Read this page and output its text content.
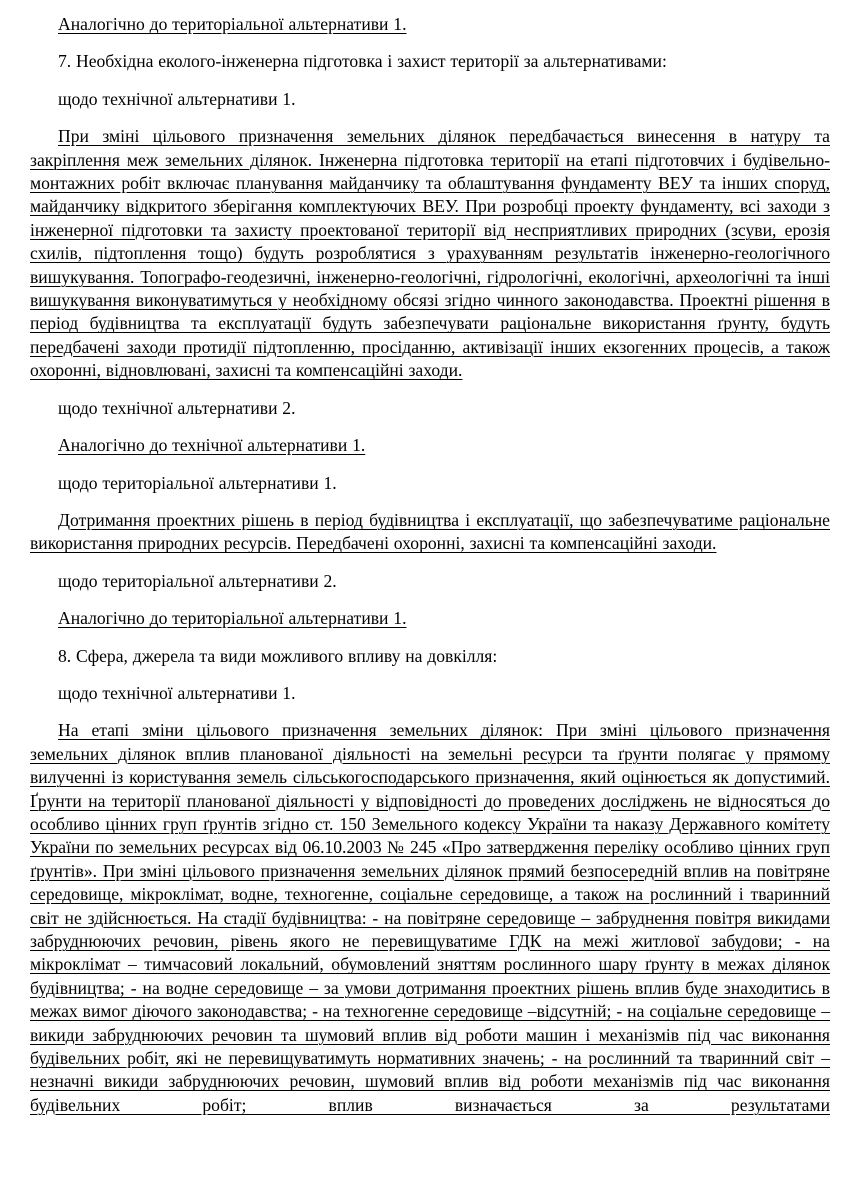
Аналогічно до територіальної альтернативи 1.

7. Необхідна еколого-інженерна підготовка і захист території за альтернативами:

щодо технічної альтернативи 1.

При зміні цільового призначення земельних ділянок передбачається винесення в натуру та закріплення меж земельних ділянок. Інженерна підготовка території на етапі підготовчих і будівельно-монтажних робіт включає планування майданчику та облаштування фундаменту ВЕУ та інших споруд, майданчику відкритого зберігання комплектуючих ВЕУ. При розробці проекту фундаменту, всі заходи з інженерної підготовки та захисту проектованої території від несприятливих природних (зсуви, ерозія схилів, підтоплення тощо) будуть розроблятися з урахуванням результатів інженерно-геологічного вишукування. Топографо-геодезичні, інженерно-геологічні, гідрологічні, екологічні, археологічні та інші вишукування виконуватимуться у необхідному обсязі згідно чинного законодавства. Проектні рішення в період будівництва та експлуатації будуть забезпечувати раціональне використання ґрунту, будуть передбачені заходи протидії підтопленню, просіданню, активізації інших екзогенних процесів, а також охоронні, відновлювані, захисні та компенсаційні заходи.

щодо технічної альтернативи 2.

Аналогічно до технічної альтернативи 1.

щодо територіальної альтернативи 1.

Дотримання проектних рішень в період будівництва і експлуатації, що забезпечуватиме раціональне використання природних ресурсів. Передбачені охоронні, захисні та компенсаційні заходи.

щодо територіальної альтернативи 2.

Аналогічно до територіальної альтернативи 1.

8. Сфера, джерела та види можливого впливу на довкілля:

щодо технічної альтернативи 1.

На етапі зміни цільового призначення земельних ділянок: При зміні цільового призначення земельних ділянок вплив планованої діяльності на земельні ресурси та ґрунти полягає у прямому вилученні із користування земель сільськогосподарського призначення, який оцінюється як допустимий. Ґрунти на території планованої діяльності у відповідності до проведених досліджень не відносяться до особливо цінних груп ґрунтів згідно ст. 150 Земельного кодексу України та наказу Державного комітету України по земельних ресурсах від 06.10.2003 № 245 «Про затвердження переліку особливо цінних груп ґрунтів». При зміні цільового призначення земельних ділянок прямий безпосередній вплив на повітряне середовище, мікроклімат, водне, техногенне, соціальне середовище, а також на рослинний і тваринний світ не здійснюється. На стадії будівництва: - на повітряне середовище – забруднення повітря викидами забруднюючих речовин, рівень якого не перевищуватиме ГДК на межі житлової забудови; - на мікроклімат – тимчасовий локальний, обумовлений зняттям рослинного шару ґрунту в межах ділянок будівництва; - на водне середовище – за умови дотримання проектних рішень вплив буде знаходитись в межах вимог діючого законодавства; - на техногенне середовище –відсутній; - на соціальне середовище – викиди забруднюючих речовин та шумовий вплив від роботи машин і механізмів під час виконання будівельних робіт, які не перевищуватимуть нормативних значень; - на рослинний та тваринний світ – незначні викиди забруднюючих речовин, шумовий вплив від роботи механізмів під час виконання будівельних робіт; вплив визначається за результатами
